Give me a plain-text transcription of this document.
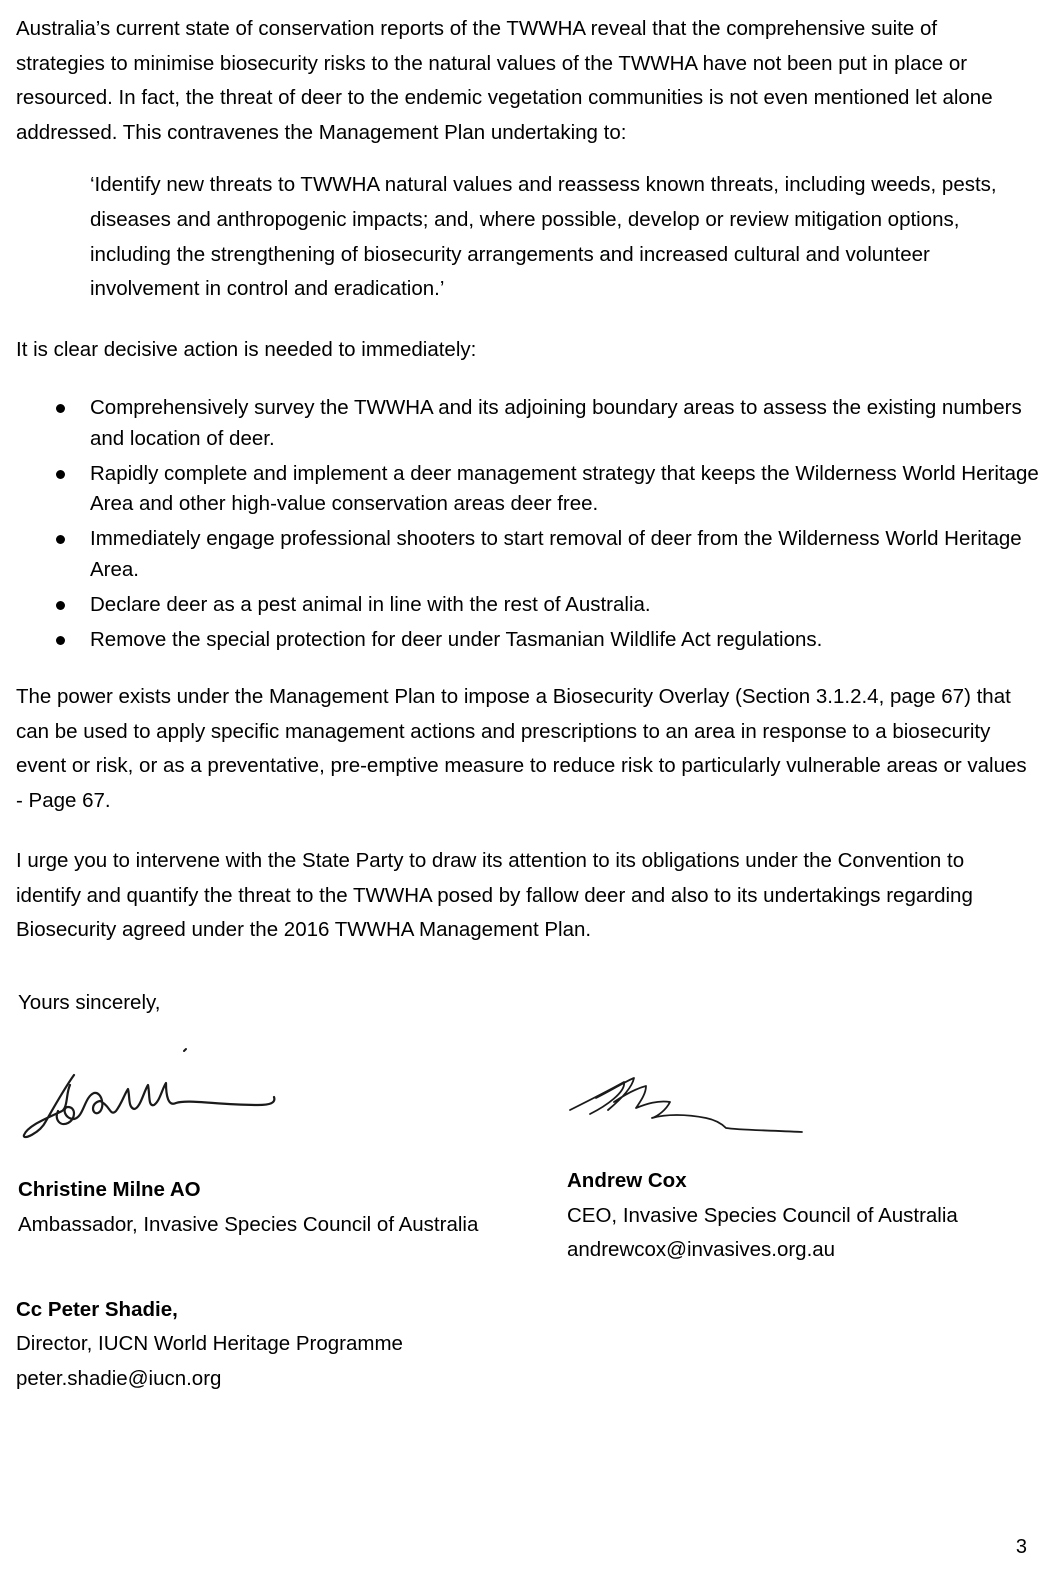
Australia’s current state of conservation reports of the TWWHA reveal that the comprehensive suite of strategies to minimise biosecurity risks to the natural values of the TWWHA have not been put in place or resourced. In fact, the threat of deer to the endemic vegetation communities is not even mentioned let alone addressed. This contravenes the Management Plan undertaking to:

‘Identify new threats to TWWHA natural values and reassess known threats, including weeds, pests, diseases and anthropogenic impacts; and, where possible, develop or review mitigation options, including the strengthening of biosecurity arrangements and increased cultural and volunteer involvement in control and eradication.’

It is clear decisive action is needed to immediately:

Comprehensively survey the TWWHA and its adjoining boundary areas to assess the existing numbers and location of deer.
Rapidly complete and implement a deer management strategy that keeps the Wilderness World Heritage Area and other high-value conservation areas deer free.
Immediately engage professional shooters to start removal of deer from the Wilderness World Heritage Area.
Declare deer as a pest animal in line with the rest of Australia.
Remove the special protection for deer under Tasmanian Wildlife Act regulations.

The power exists under the Management Plan to impose a Biosecurity Overlay (Section 3.1.2.4, page 67) that can be used to apply specific management actions and prescriptions to an area in response to a biosecurity event or risk, or as a preventative, pre-emptive measure to reduce risk to particularly vulnerable areas or values - Page 67.

I urge you to intervene with the State Party to draw its attention to its obligations under the Convention to identify and quantify the threat to the TWWHA posed by fallow deer and also to its undertakings regarding Biosecurity agreed under the 2016 TWWHA Management Plan.

Yours sincerely,

Christine Milne AO

Ambassador, Invasive Species Council of Australia

Andrew Cox

CEO, Invasive Species Council of Australia

andrewcox@invasives.org.au

Cc Peter Shadie,

Director, IUCN World Heritage Programme

peter.shadie@iucn.org

3
